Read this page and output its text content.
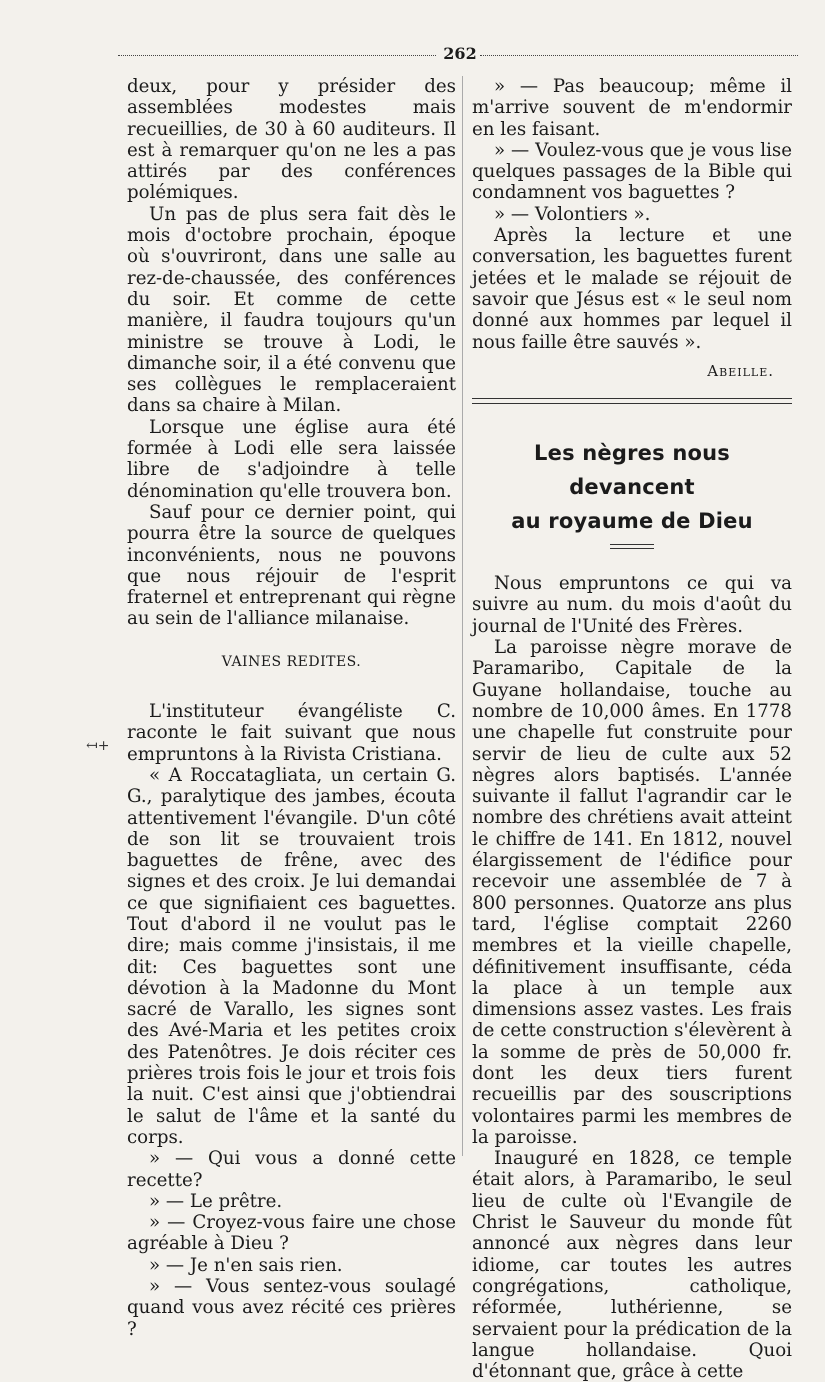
262
↤+

deux, pour y présider des assemblées modestes mais recueillies, de 30 à 60 auditeurs. Il est à remarquer qu'on ne les a pas attirés par des conférences polémiques.

Un pas de plus sera fait dès le mois d'octobre prochain, époque où s'ouvriront, dans une salle au rez-de-chaussée, des conférences du soir. Et comme de cette manière, il faudra toujours qu'un ministre se trouve à Lodi, le dimanche soir, il a été convenu que ses collègues le remplaceraient dans sa chaire à Milan.

Lorsque une église aura été formée à Lodi elle sera laissée libre de s'adjoindre à telle dénomination qu'elle trouvera bon.

Sauf pour ce dernier point, qui pourra être la source de quelques inconvénients, nous ne pouvons que nous réjouir de l'esprit fraternel et entreprenant qui règne au sein de l'alliance milanaise.

VAINES REDITES.

L'instituteur évangéliste C. raconte le fait suivant que nous empruntons à la Rivista Cristiana.

« A Roccatagliata, un certain G. G., paralytique des jambes, écouta attentivement l'évangile. D'un côté de son lit se trouvaient trois baguettes de frêne, avec des signes et des croix. Je lui demandai ce que signifiaient ces baguettes. Tout d'abord il ne voulut pas le dire; mais comme j'insistais, il me dit: Ces baguettes sont une dévotion à la Madonne du Mont sacré de Varallo, les signes sont des Avé-Maria et les petites croix des Patenôtres. Je dois réciter ces prières trois fois le jour et trois fois la nuit. C'est ainsi que j'obtiendrai le salut de l'âme et la santé du corps.

» — Qui vous a donné cette recette?

» — Le prêtre.

» — Croyez-vous faire une chose agréable à Dieu ?

» — Je n'en sais rien.

» — Vous sentez-vous soulagé quand vous avez récité ces prières ?

» — Pas beaucoup; même il m'arrive souvent de m'endormir en les faisant.

» — Voulez-vous que je vous lise quelques passages de la Bible qui condamnent vos baguettes ?

» — Volontiers ».

Après la lecture et une conversation, les baguettes furent jetées et le malade se réjouit de savoir que Jésus est « le seul nom donné aux hommes par lequel il nous faille être sauvés ».

Abeille.
Les nègres nous devancent
au royaume de Dieu

Nous empruntons ce qui va suivre au num. du mois d'août du journal de l'Unité des Frères.

La paroisse nègre morave de Paramaribo, Capitale de la Guyane hollandaise, touche au nombre de 10,000 âmes. En 1778 une chapelle fut construite pour servir de lieu de culte aux 52 nègres alors baptisés. L'année suivante il fallut l'agrandir car le nombre des chrétiens avait atteint le chiffre de 141. En 1812, nouvel élargissement de l'édifice pour recevoir une assemblée de 7 à 800 personnes. Quatorze ans plus tard, l'église comptait 2260 membres et la vieille chapelle, définitivement insuffisante, céda la place à un temple aux dimensions assez vastes. Les frais de cette construction s'élevèrent à la somme de près de 50,000 fr. dont les deux tiers furent recueillis par des souscriptions volontaires parmi les membres de la paroisse.

Inauguré en 1828, ce temple était alors, à Paramaribo, le seul lieu de culte où l'Evangile de Christ le Sauveur du monde fût annoncé aux nègres dans leur idiome, car toutes les autres congrégations, catholique, réformée, luthérienne, se servaient pour la prédication de la langue hollandaise. Quoi d'étonnant que, grâce à cette
